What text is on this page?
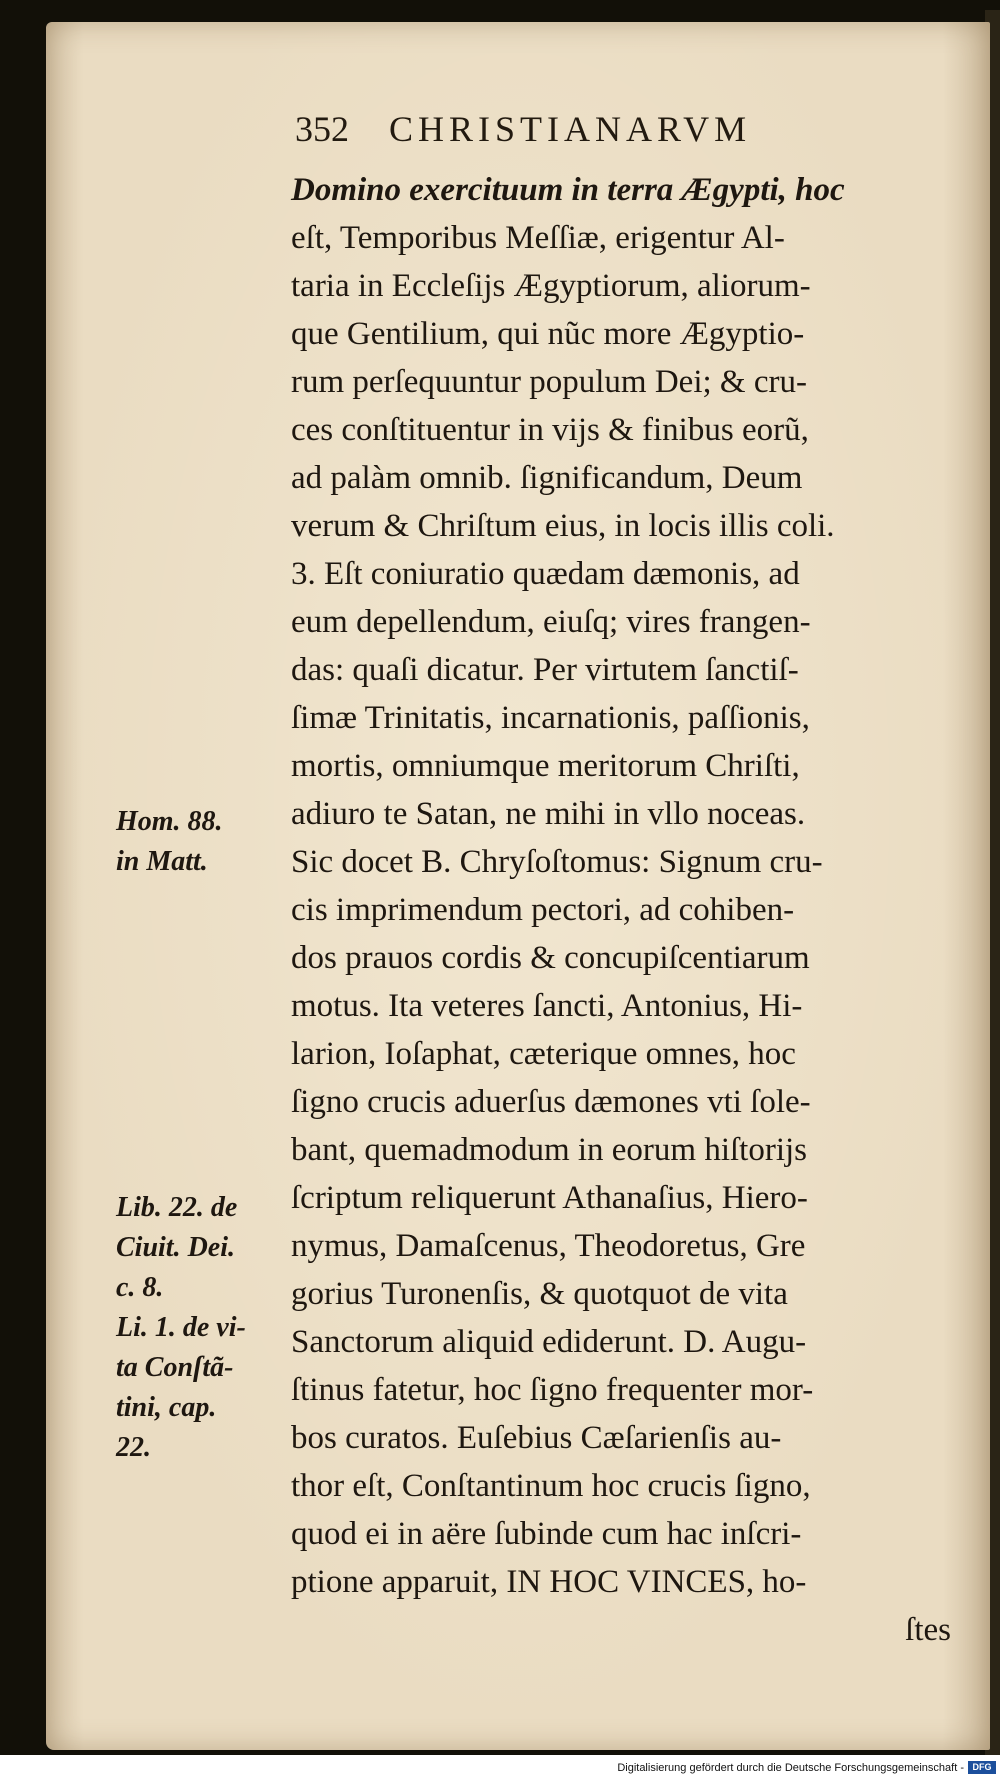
352 CHRISTIANARVM
Domino exercituum in terra Ægypti, hoc
eſt, Temporibus Meſſiæ, erigentur Al-
taria in Eccleſijs Ægyptiorum, aliorum-
que Gentilium, qui nũc more Ægyptio-
rum perſequuntur populum Dei; & cru-
ces conſtituentur in vijs & finibus eorũ,
ad palàm omnib. ſignificandum, Deum
verum & Chriſtum eius, in locis illis coli.
3. Eſt coniuratio quædam dæmonis, ad
eum depellendum, eiuſq; vires frangen-
das: quaſi dicatur. Per virtutem ſanctiſ-
ſimæ Trinitatis, incarnationis, paſſionis,
mortis, omniumque meritorum Chriſti,
adiuro te Satan, ne mihi in vllo noceas.
Sic docet B. Chryſoſtomus: Signum cru-
cis imprimendum pectori, ad cohiben-
dos prauos cordis & concupiſcentiarum
motus. Ita veteres ſancti, Antonius, Hi-
larion, Ioſaphat, cæterique omnes, hoc
ſigno crucis aduerſus dæmones vti ſole-
bant, quemadmodum in eorum hiſtorijs
ſcriptum reliquerunt Athanaſius, Hiero-
nymus, Damaſcenus, Theodoretus, Gre
gorius Turonenſis, & quotquot de vita
Sanctorum aliquid ediderunt. D. Augu-
ſtinus fatetur, hoc ſigno frequenter mor-
bos curatos. Euſebius Cæſarienſis au-
thor eſt, Conſtantinum hoc crucis ſigno,
quod ei in aëre ſubinde cum hac inſcri-
ptione apparuit, IN HOC VINCES, ho-
ſtes
Hom. 88.
in Matt.
Lib. 22. de
Ciuit. Dei.
c. 8.
Li. 1. de vi-
ta Conſtã-
tini, cap.
22.
Digitalisierung gefördert durch die Deutsche Forschungsgemeinschaft - DFG
